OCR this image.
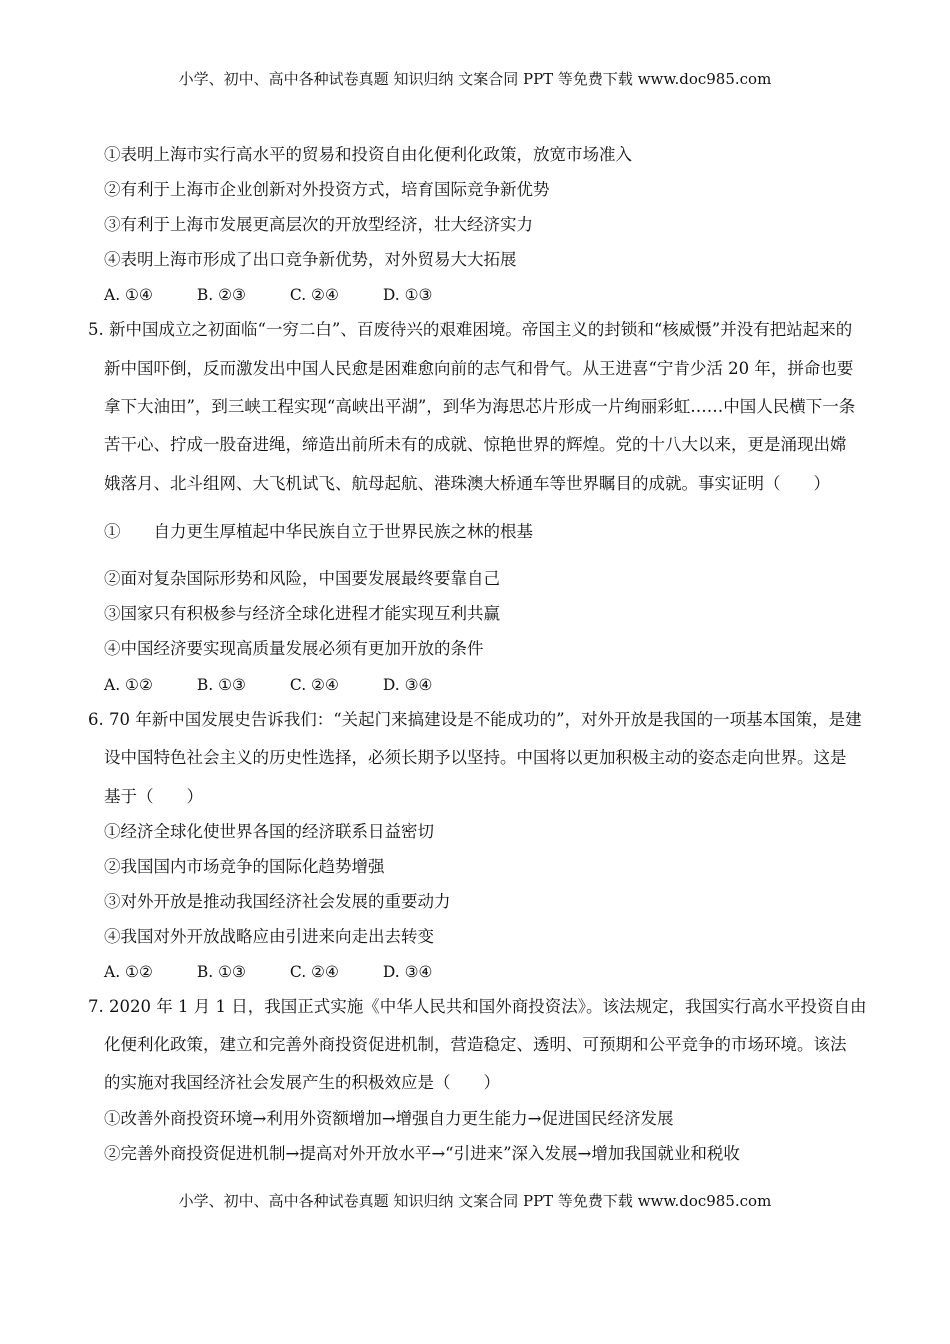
小学、初中、高中各种试卷真题 知识归纳 文案合同 PPT 等免费下载 www.doc985.com
①表明上海市实行高水平的贸易和投资自由化便利化政策，放宽市场准入
②有利于上海市企业创新对外投资方式，培育国际竞争新优势
③有利于上海市发展更高层次的开放型经济，壮大经济实力
④表明上海市形成了出口竞争新优势，对外贸易大大拓展
A. ①④	B. ②③	C. ②④	D. ①③
5. 新中国成立之初面临“一穷二白”、百废待兴的艰难困境。帝国主义的封锁和“核威慑”并没有把站起来的
新中国吓倒，反而激发出中国人民愈是困难愈向前的志气和骨气。从王进喜“宁肯少活 20 年，拼命也要
拿下大油田”，到三峡工程实现“高峡出平湖”，到华为海思芯片形成一片绚丽彩虹……中国人民横下一条
苦干心、拧成一股奋进绳，缔造出前所未有的成就、惊艳世界的辉煌。党的十八大以来，更是涌现出嫦
娥落月、北斗组网、大飞机试飞、航母起航、港珠澳大桥通车等世界瞩目的成就。事实证明（　　）
①　　自力更生厚植起中华民族自立于世界民族之林的根基
②面对复杂国际形势和风险，中国要发展最终要靠自己
③国家只有积极参与经济全球化进程才能实现互利共赢
④中国经济要实现高质量发展必须有更加开放的条件
A. ①②	B. ①③	C. ②④	D. ③④
6. 70 年新中国发展史告诉我们：“关起门来搞建设是不能成功的”，对外开放是我国的一项基本国策，是建
设中国特色社会主义的历史性选择，必须长期予以坚持。中国将以更加积极主动的姿态走向世界。这是
基于（　　）
①经济全球化使世界各国的经济联系日益密切
②我国国内市场竞争的国际化趋势增强
③对外开放是推动我国经济社会发展的重要动力
④我国对外开放战略应由引进来向走出去转变
A. ①②	B. ①③	C. ②④	D. ③④
7. 2020 年 1 月 1 日，我国正式实施《中华人民共和国外商投资法》。该法规定，我国实行高水平投资自由
化便利化政策，建立和完善外商投资促进机制，营造稳定、透明、可预期和公平竞争的市场环境。该法
的实施对我国经济社会发展产生的积极效应是（　　）
①改善外商投资环境→利用外资额增加→增强自力更生能力→促进国民经济发展
②完善外商投资促进机制→提高对外开放水平→“引进来”深入发展→增加我国就业和税收
小学、初中、高中各种试卷真题 知识归纳 文案合同 PPT 等免费下载 www.doc985.com
